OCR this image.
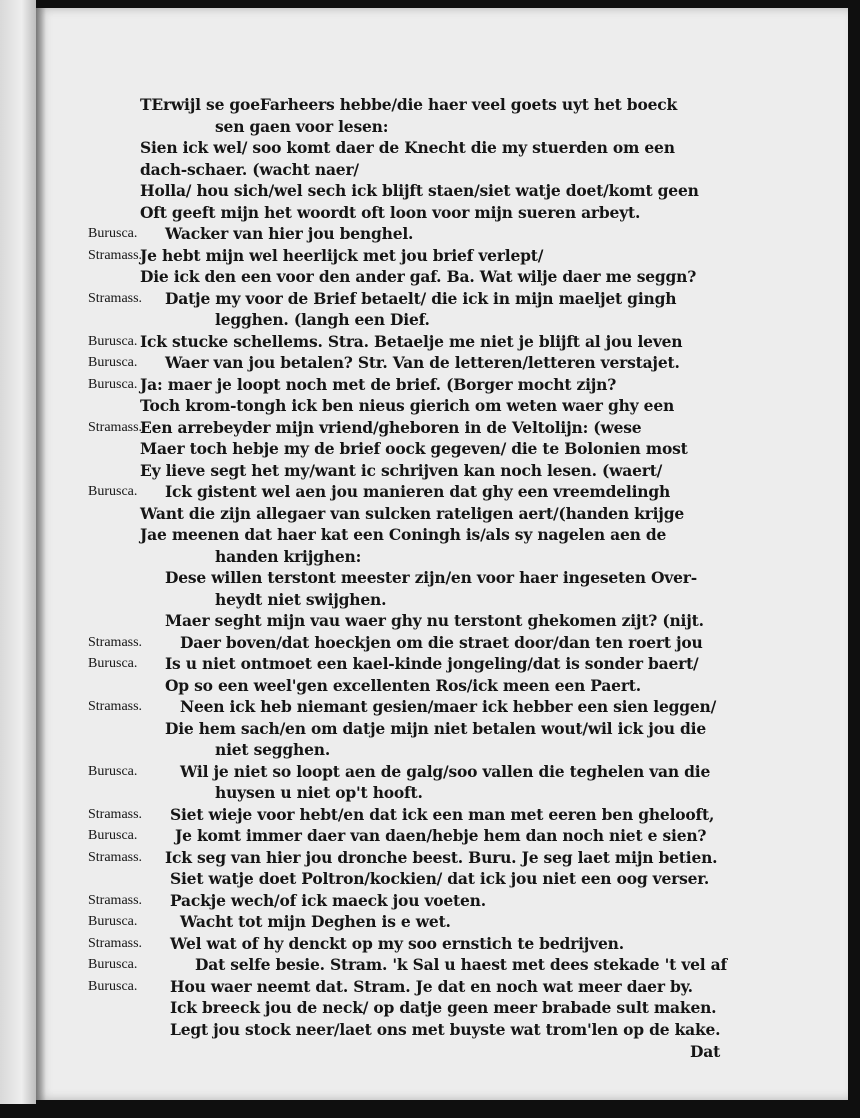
TErwijl se goeFarheers hebbe/die haer veel goets uyt het boeck
sen gaen voor lesen:
Sien ick wel/ soo komt daer de Knecht die my stuerden om een
dach-schaer. (wacht naer/
Holla/ hou sich/wel sech ick blijft staen/siet watje doet/komt geen
Oft geeft mijn het woordt oft loon voor mijn sueren arbeyt.
Burusca. Wacker van hier jou benghel.
Stramass.
Je hebt mijn wel heerlijck met jou brief verlept/
Die ick den een voor den ander gaf. Ba. Wat wilje daer me seggn?
Stramass. Datje my voor de Brief betaelt/ die ick in mijn maeljet gingh
legghen. (langh een Dief.
Burusca. Ick stucke schellems. Stra. Betaelje me niet je blijft al jou leven
Burusca. Waer van jou betalen? Str. Van de letteren/letteren verstajet.
Burusca. Ja: maer je loopt noch met de brief. (Borger mocht zijn?
Toch krom-tongh ick ben nieus gierich om weten waer ghy een
Stramass.
Een arrebeyder mijn vriend/gheboren in de Veltolijn: (wese
Maer toch hebje my de brief oock gegeven/ die te Bolonien most
Ey lieve segt het my/want ic schrijven kan noch lesen. (waert/
Burusca. Ick gistent wel aen jou manieren dat ghy een vreemdelingh
Want die zijn allegaer van sulcken rateligen aert/(handen krijge
Jae meenen dat haer kat een Coningh is/als sy nagelen aen de
handen krijghen:
Dese willen terstont meester zijn/en voor haer ingeseten Over-
heydt niet swijghen.
Maer seght mijn vau waer ghy nu terstont ghekomen zijt? (nijt.
Stramass. Daer boven/dat hoeckjen om die straet door/dan ten roert jou
Burusca. Is u niet ontmoet een kael-kinde jongeling/dat is sonder baert/
Op so een weel'gen excellenten Ros/ick meen een Paert.
Stramass. Neen ick heb niemant gesien/maer ick hebber een sien leggen/
Die hem sach/en om datje mijn niet betalen wout/wil ick jou die
niet segghen.
Burusca.	Wil je niet so loopt aen de galg/soo vallen die teghelen van die
huysen u niet op't hooft.
Stramass. Siet wieje voor hebt/en dat ick een man met eeren ben ghelooft,
Burusca. Je komt immer daer van daen/hebje hem dan noch niet e sien?
Stramass. Ick seg van hier jou dronche beest. Buru. Je seg laet mijn betien.
Siet watje doet Poltron/kockien/ dat ick jou niet een oog verser.
Stramass. Packje wech/of ick maeck jou voeten.
Burusca.	Wacht tot mijn Deghen is e wet.
Stramass. Wel wat of hy denckt op my soo ernstich te bedrijven.
Burusca.	Dat selfe besie. Stram. 'k Sal u haest met dees stekade 't vel af
Burusca. Hou waer neemt dat. Stram. Je dat en noch wat meer daer by.
Ick breeck jou de neck/ op datje geen meer brabade sult maken.
Legt jou stock neer/laet ons met buyste wat trom'len op de kake.
Dat
